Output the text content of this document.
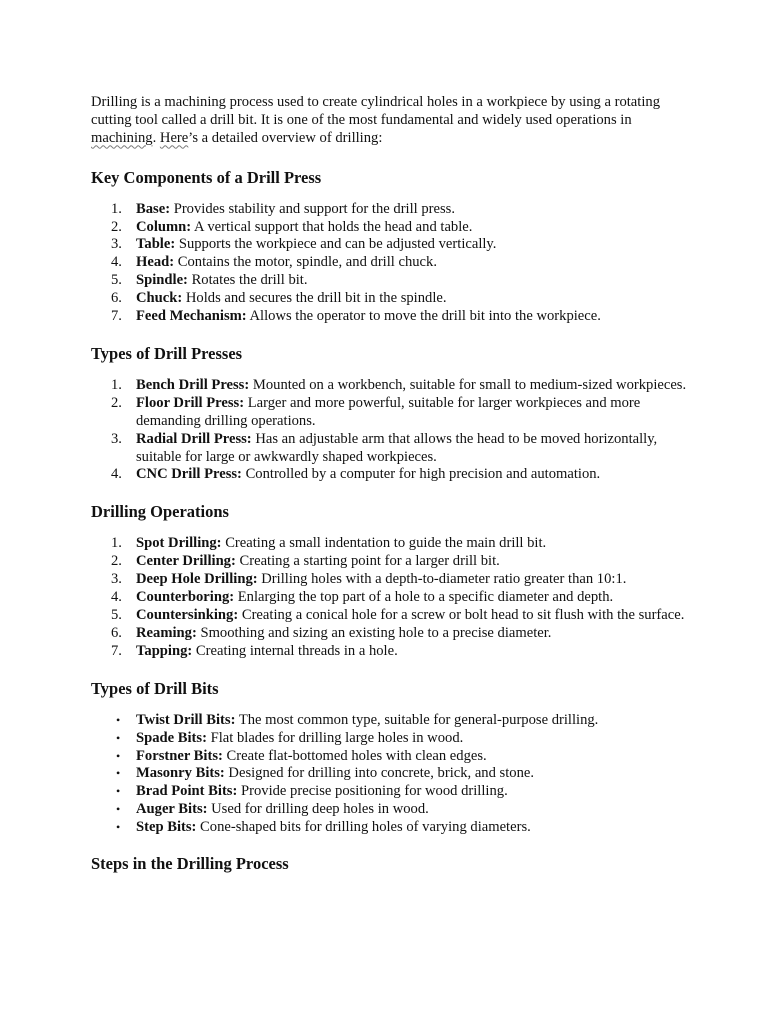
Drilling is a machining process used to create cylindrical holes in a workpiece by using a rotating cutting tool called a drill bit. It is one of the most fundamental and widely used operations in machining. Here’s a detailed overview of drilling:

Key Components of a Drill Press
1. Base: Provides stability and support for the drill press.
2. Column: A vertical support that holds the head and table.
3. Table: Supports the workpiece and can be adjusted vertically.
4. Head: Contains the motor, spindle, and drill chuck.
5. Spindle: Rotates the drill bit.
6. Chuck: Holds and secures the drill bit in the spindle.
7. Feed Mechanism: Allows the operator to move the drill bit into the workpiece.
Types of Drill Presses
1. Bench Drill Press: Mounted on a workbench, suitable for small to medium-sized workpieces.
2. Floor Drill Press: Larger and more powerful, suitable for larger workpieces and more demanding drilling operations.
3. Radial Drill Press: Has an adjustable arm that allows the head to be moved horizontally, suitable for large or awkwardly shaped workpieces.
4. CNC Drill Press: Controlled by a computer for high precision and automation.
Drilling Operations
1. Spot Drilling: Creating a small indentation to guide the main drill bit.
2. Center Drilling: Creating a starting point for a larger drill bit.
3. Deep Hole Drilling: Drilling holes with a depth-to-diameter ratio greater than 10:1.
4. Counterboring: Enlarging the top part of a hole to a specific diameter and depth.
5. Countersinking: Creating a conical hole for a screw or bolt head to sit flush with the surface.
6. Reaming: Smoothing and sizing an existing hole to a precise diameter.
7. Tapping: Creating internal threads in a hole.
Types of Drill Bits
• Twist Drill Bits: The most common type, suitable for general-purpose drilling.
• Spade Bits: Flat blades for drilling large holes in wood.
• Forstner Bits: Create flat-bottomed holes with clean edges.
• Masonry Bits: Designed for drilling into concrete, brick, and stone.
• Brad Point Bits: Provide precise positioning for wood drilling.
• Auger Bits: Used for drilling deep holes in wood.
• Step Bits: Cone-shaped bits for drilling holes of varying diameters.
Steps in the Drilling Process
